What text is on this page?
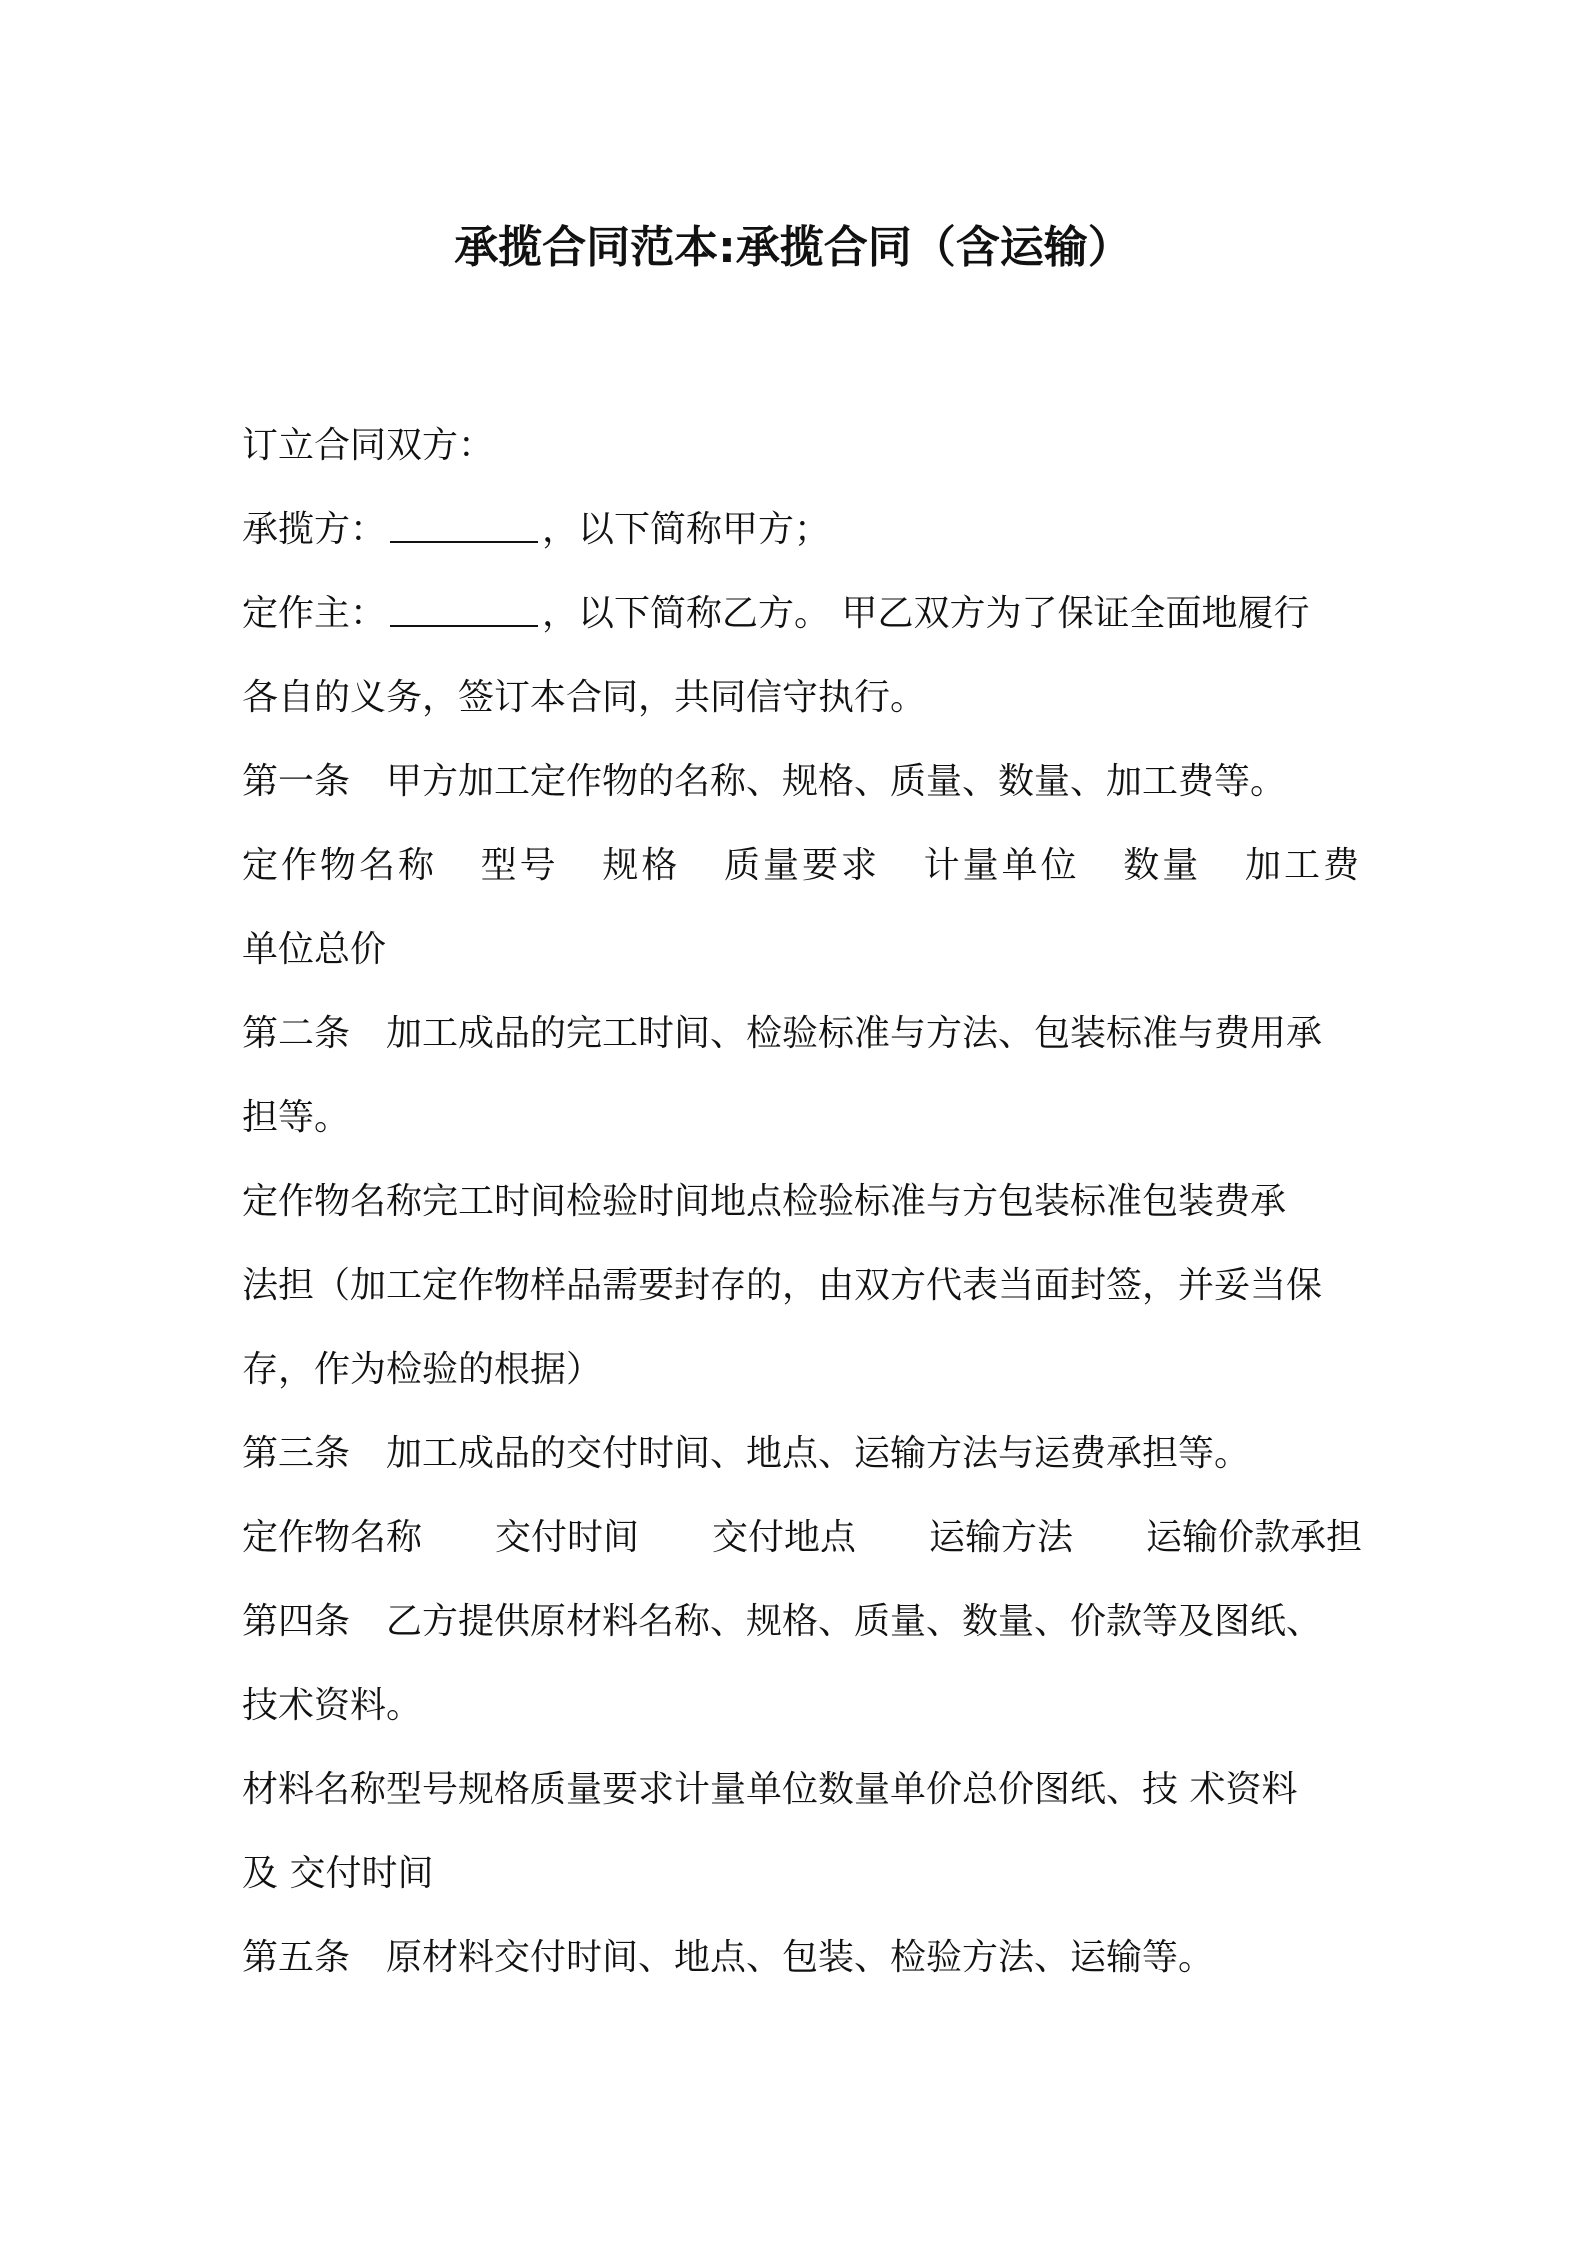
承揽合同范本:承揽合同（含运输）
订立合同双方：
承揽方：	，以下简称甲方；
定作主：	，以下简称乙方。 甲乙双方为了保证全面地履行
各自的义务，签订本合同，共同信守执行。
第一条　甲方加工定作物的名称、规格、质量、数量、加工费等。
定作物名称 型号 规格 质量要求 计量单位 数量 加工费
单位总价
第二条　加工成品的完工时间、检验标准与方法、包装标准与费用承
担等。
定作物名称完工时间检验时间地点检验标准与方包装标准包装费承
法担（加工定作物样品需要封存的，由双方代表当面封签，并妥当保
存，作为检验的根据）
第三条　加工成品的交付时间、地点、运输方法与运费承担等。
定作物名称 交付时间 交付地点 运输方法 运输价款承担
第四条　乙方提供原材料名称、规格、质量、数量、价款等及图纸、
技术资料。
材料名称型号规格质量要求计量单位数量单价总价图纸、技 术资料
及 交付时间
第五条　原材料交付时间、地点、包装、检验方法、运输等。
